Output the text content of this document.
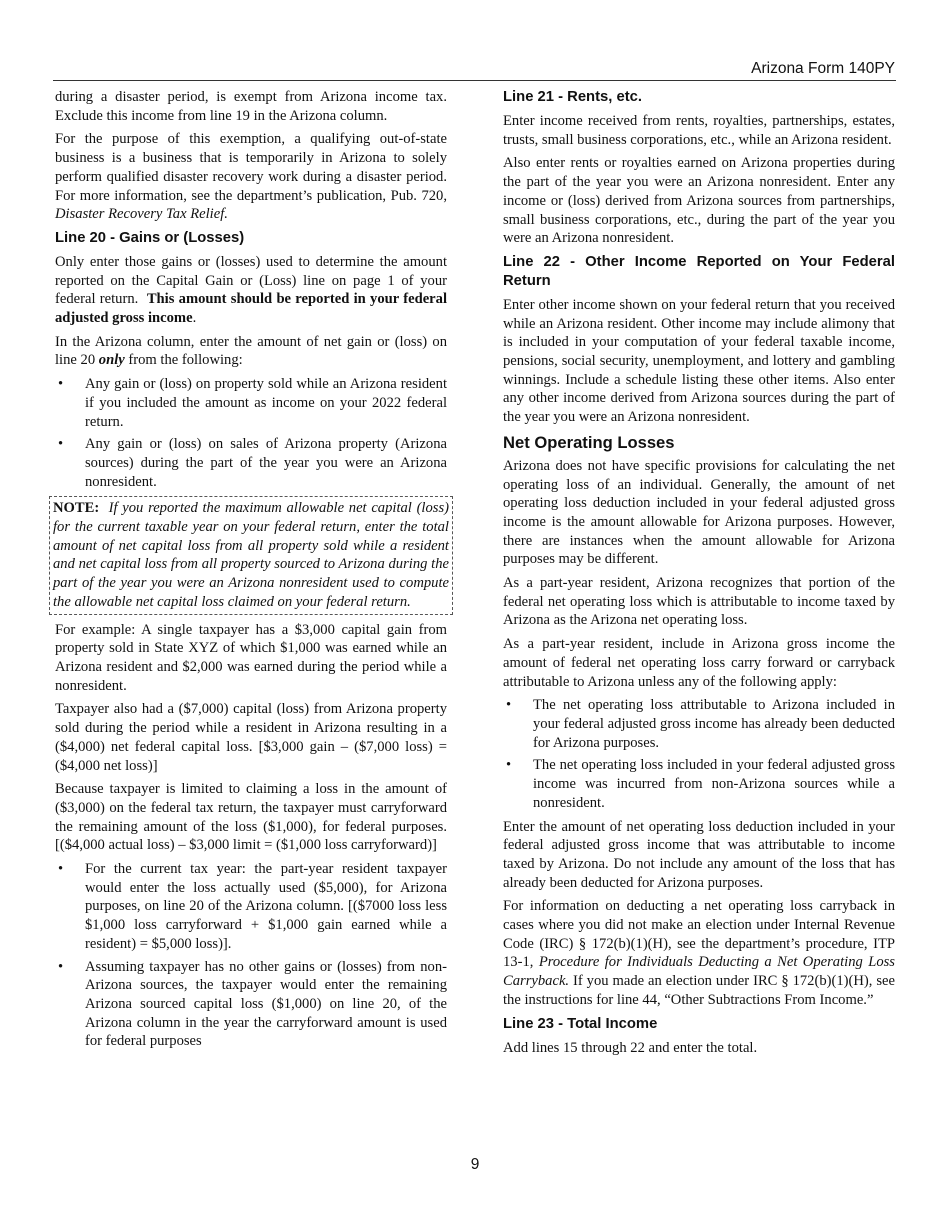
Arizona Form 140PY

during a disaster period, is exempt from Arizona income tax. Exclude this income from line 19 in the Arizona column.

For the purpose of this exemption, a qualifying out-of-state business is a business that is temporarily in Arizona to solely perform qualified disaster recovery work during a disaster period. For more information, see the department’s publication, Pub. 720, Disaster Recovery Tax Relief.

Line 20 - Gains or (Losses)

Only enter those gains or (losses) used to determine the amount reported on the Capital Gain or (Loss) line on page 1 of your federal return. This amount should be reported in your federal adjusted gross income.

In the Arizona column, enter the amount of net gain or (loss) on line 20 only from the following:

• Any gain or (loss) on property sold while an Arizona resident if you included the amount as income on your 2022 federal return.
• Any gain or (loss) on sales of Arizona property (Arizona sources) during the part of the year you were an Arizona nonresident.
NOTE: If you reported the maximum allowable net capital (loss) for the current taxable year on your federal return, enter the total amount of net capital loss from all property sold while a resident and net capital loss from all property sourced to Arizona during the part of the year you were an Arizona nonresident used to compute the allowable net capital loss claimed on your federal return.

For example: A single taxpayer has a $3,000 capital gain from property sold in State XYZ of which $1,000 was earned while an Arizona resident and $2,000 was earned during the period while a nonresident.

Taxpayer also had a ($7,000) capital (loss) from Arizona property sold during the period while a resident in Arizona resulting in a ($4,000) net federal capital loss. [$3,000 gain – ($7,000 loss) = ($4,000 net loss)]

Because taxpayer is limited to claiming a loss in the amount of ($3,000) on the federal tax return, the taxpayer must carryforward the remaining amount of the loss ($1,000), for federal purposes. [($4,000 actual loss) – $3,000 limit = ($1,000 loss carryforward)]

• For the current tax year: the part-year resident taxpayer would enter the loss actually used ($5,000), for Arizona purposes, on line 20 of the Arizona column. [($7000 loss less $1,000 loss carryforward + $1,000 gain earned while a resident) = $5,000 loss)].
• Assuming taxpayer has no other gains or (losses) from non-Arizona sources, the taxpayer would enter the remaining Arizona sourced capital loss ($1,000) on line 20, of the Arizona column in the year the carryforward amount is used for federal purposes
Line 21 - Rents, etc.

Enter income received from rents, royalties, partnerships, estates, trusts, small business corporations, etc., while an Arizona resident.

Also enter rents or royalties earned on Arizona properties during the part of the year you were an Arizona nonresident. Enter any income or (loss) derived from Arizona sources from partnerships, small business corporations, etc., during the part of the year you were an Arizona nonresident.

Line 22 - Other Income Reported on Your Federal Return

Enter other income shown on your federal return that you received while an Arizona resident. Other income may include alimony that is included in your computation of your federal taxable income, pensions, social security, unemployment, and lottery and gambling winnings. Include a schedule listing these other items. Also enter any other income derived from Arizona sources during the part of the year you were an Arizona nonresident.

Net Operating Losses

Arizona does not have specific provisions for calculating the net operating loss of an individual. Generally, the amount of net operating loss deduction included in your federal adjusted gross income is the amount allowable for Arizona purposes. However, there are instances when the amount allowable for Arizona purposes may be different.

As a part-year resident, Arizona recognizes that portion of the federal net operating loss which is attributable to income taxed by Arizona as the Arizona net operating loss.

As a part-year resident, include in Arizona gross income the amount of federal net operating loss carry forward or carryback attributable to Arizona unless any of the following apply:

• The net operating loss attributable to Arizona included in your federal adjusted gross income has already been deducted for Arizona purposes.
• The net operating loss included in your federal adjusted gross income was incurred from non-Arizona sources while a nonresident.

Enter the amount of net operating loss deduction included in your federal adjusted gross income that was attributable to income taxed by Arizona. Do not include any amount of the loss that has already been deducted for Arizona purposes.

For information on deducting a net operating loss carryback in cases where you did not make an election under Internal Revenue Code (IRC) § 172(b)(1)(H), see the department’s procedure, ITP 13-1, Procedure for Individuals Deducting a Net Operating Loss Carryback. If you made an election under IRC § 172(b)(1)(H), see the instructions for line 44, “Other Subtractions From Income.”

Line 23 - Total Income

Add lines 15 through 22 and enter the total.

9
